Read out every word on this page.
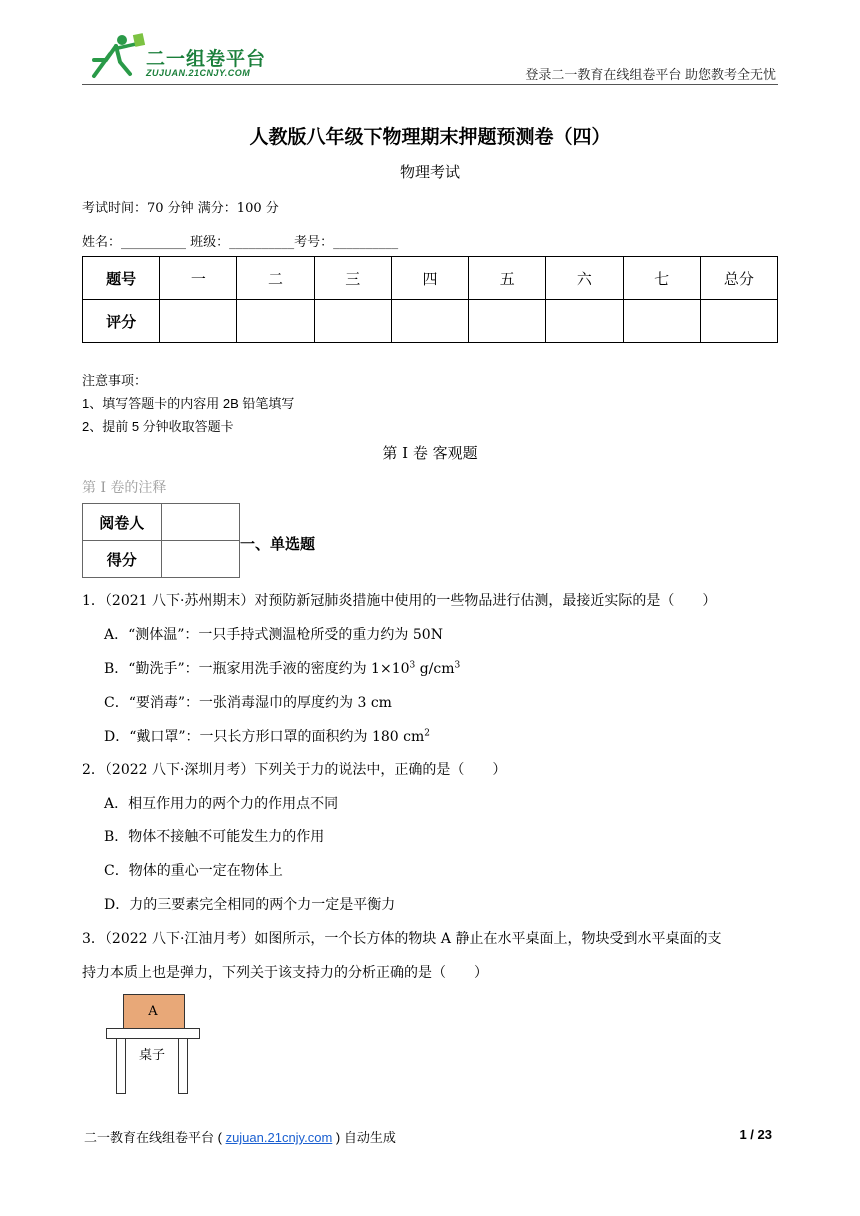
二一组卷平台
ZUJUAN.21CNJY.COM	登录二一教育在线组卷平台 助您教考全无忧
人教版八年级下物理期末押题预测卷（四）
物理考试
考试时间：70 分钟 满分：100 分
姓名：__________ 班级：__________考号：__________
题号	一	二	三	四	五	六	七	总分
评分								
注意事项：
1、填写答题卡的内容用 2B 铅笔填写
2、提前 5 分钟收取答题卡
第 I 卷 客观题
第 I 卷的注释
阅卷人	
得分	
一、单选题
1．（2021 八下·苏州期末）对预防新冠肺炎措施中使用的一些物品进行估测，最接近实际的是（　　）
A．“测体温”：一只手持式测温枪所受的重力约为 50N
B．“勤洗手”：一瓶家用洗手液的密度约为 $1\times 10^3$ $g/cm^3$
C．“要消毒”：一张消毒湿巾的厚度约为 3 cm
D．“戴口罩”：一只长方形口罩的面积约为 180 $cm^2$
2．（2022 八下·深圳月考）下列关于力的说法中，正确的是（　　）
A．相互作用力的两个力的作用点不同
B．物体不接触不可能发生力的作用
C．物体的重心一定在物体上
D．力的三要素完全相同的两个力一定是平衡力
3．（2022 八下·江油月考）如图所示，一个长方体的物块 A 静止在水平桌面上，物块受到水平桌面的支
持力本质上也是弹力，下列关于该支持力的分析正确的是（　　）
A
桌子
二一教育在线组卷平台 ( zujuan.21cnjy.com ) 自动生成	1 / 23
